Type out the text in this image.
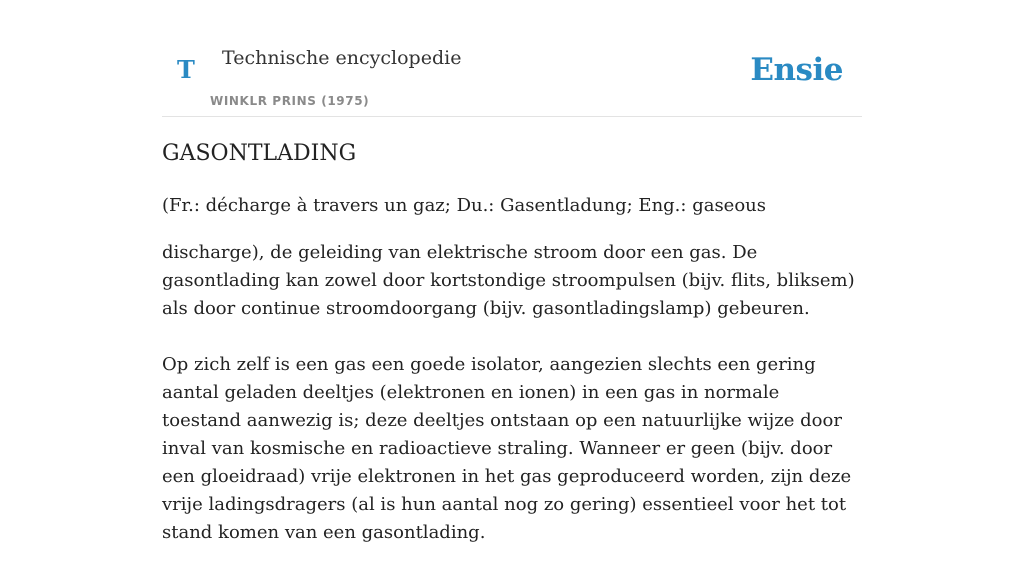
T Technische encyclopedie
WINKLR PRINS (1975)
Ensie
GASONTLADING

(Fr.: décharge à travers un gaz; Du.: Gasentladung; Eng.: gaseous

discharge), de geleiding van elektrische stroom door een gas. De gasontlading kan zowel door kortstondige stroompulsen (bijv. flits, bliksem) als door continue stroomdoorgang (bijv. gasontladingslamp) gebeuren.

Op zich zelf is een gas een goede isolator, aangezien slechts een gering aantal geladen deeltjes (elektronen en ionen) in een gas in normale toestand aanwezig is; deze deeltjes ontstaan op een natuurlijke wijze door inval van kosmische en radioactieve straling. Wanneer er geen (bijv. door een gloeidraad) vrije elektronen in het gas geproduceerd worden, zijn deze vrije ladingsdragers (al is hun aantal nog zo gering) essentieel voor het tot stand komen van een gasontlading.
